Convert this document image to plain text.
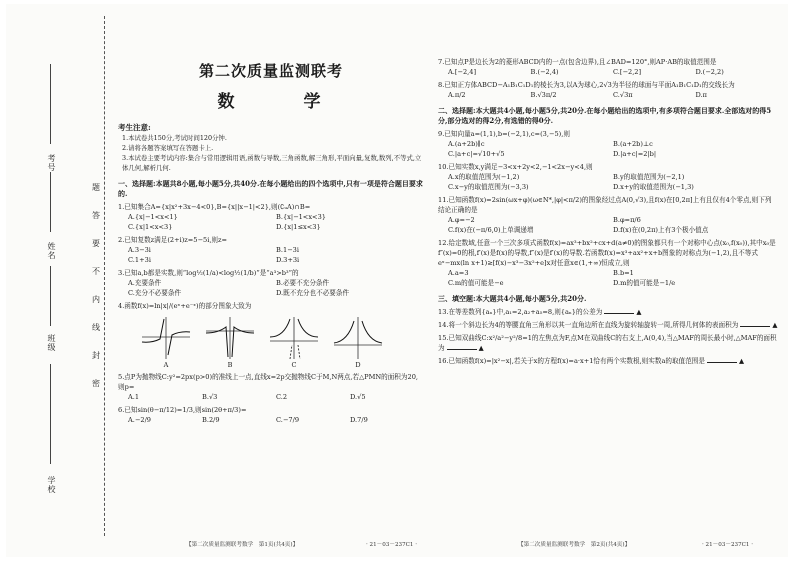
考号
姓名
班级
学校
题
答
要
不
内
线
封
密
第二次质量监测联考
数　学
考生注意:
1.本试卷共150分,考试时间120分钟.
2.请将各题答案填写在答题卡上.
3.本试卷主要考试内容:集合与常用逻辑用语,函数与导数,三角函数,解三角形,平面向量,复数,数列,不等式,立体几何,解析几何.
一、选择题:本题共8小题,每小题5分,共40分.在每小题给出的四个选项中,只有一项是符合题目要求的.
1.已知集合A={x|x²+3x−4<0},B={x||x−1|<2},则(∁ᵤA)∩B=
A.{x|−1<x<1}	B.{x|−1<x<3}
C.{x|1<x<3}	D.{x|1≤x<3}
2.已知复数z满足(2+i)z=5−5i,则z=
A.3−3i	B.1−3i
C.1+3i	D.3+3i
3.已知a,b都是实数,则“log½(1/a)<log½(1/b)”是“a³>b³”的
A.充要条件	B.必要不充分条件
C.充分不必要条件	D.既不充分也不必要条件
4.函数f(x)=ln|x|/(eˣ+e⁻ˣ)的部分图象大致为
A	B	C	D
5.点P为抛物线C:y²=2px(p>0)的准线上一点,直线x=2p交抛物线C于M,N两点,若△PMN的面积为20,则p=
A.1	B.√3	C.2	D.√5
6.已知sin(θ−π/12)=1/3,则sin(2θ+π/3)=
A.−2/9	B.2/9	C.−7/9	D.7/9
【第二次质量监测联考数学　第1页(共4页)】	· 21－03－237C1 ·
7.已知点P是边长为2的菱形ABCD内的一点(包含边界),且∠BAD=120°,则AP·AB的取值范围是
A.[−2,4]	B.(−2,4)	C.[−2,2]	D.(−2,2)
8.已知正方体ABCD−A₁B₁C₁D₁的棱长为3,以A为球心,2√3为半径的球面与平面A₁B₁C₁D₁的交线长为
A.π/2	B.√3π/2	C.√3π	D.π
二、选择题:本大题共4小题,每小题5分,共20分.在每小题给出的选项中,有多项符合题目要求.全部选对的得5分,部分选对的得2分,有选错的得0分.
9.已知向量a=(1,1),b=(−2,1),c=(3,−5),则
A.(a+2b)∥c	B.(a+2b)⊥c
C.|a+c|=√10+√5	D.|a+c|=2|b|
10.已知实数x,y满足−3<x+2y<2,−1<2x−y<4,则
A.x的取值范围为(−1,2)	B.y的取值范围为(−2,1)
C.x−y的取值范围为(−3,3)	D.x+y的取值范围为(−1,3)
11.已知函数f(x)=2sin(ωx+φ)(ω∈N*,|φ|<π/2)的图象经过点A(0,√3),且f(x)在[0,2π]上有且仅有4个零点,则下列结论正确的是
A.φ=−2	B.φ=π/6
C.f(x)在(−π/6,0)上单调递增	D.f(x)在(0,2π)上有3个极小值点
12.给定数域,任意一个三次多项式函数f(x)=ax³+bx²+cx+d(a≠0)的图象都只有一个对称中心点(x₀,f(x₀)),其中x₀是f″(x)=0的根,f′(x)是f(x)的导数,f″(x)是f′(x)的导数.若函数f(x)=x³+ax²+x+b图象的对称点为(−1,2),且不等式eˣ−mx(ln x+1)≥[f(x)−x³−3x²+e]x对任意x∈(1,+∞)恒成立,则
A.a=3	B.b=1
C.m的值可能是−e	D.m的值可能是−1/e
三、填空题:本大题共4小题,每小题5分,共20分.
13.在等差数列{aₙ}中,a₁=2,a₂+a₅=8,则{aₙ}的公差为	▲
14.将一个斜边长为4的等腰直角三角形以其一直角边所在直线为旋转轴旋转一周,所得几何体的表面积为	▲
15.已知双曲线C:x²/a²−y²/8=1的左焦点为F,点M在双曲线C的右支上,A(0,4),当△MAF的周长最小时,△MAF的面积为	▲
16.已知函数f(x)=|x²−x|,若关于x的方程f(x)=a·x+1恰有两个实数根,则实数a的取值范围是	▲
【第二次质量监测联考数学　第2页(共4页)】	· 21－03－237C1 ·
